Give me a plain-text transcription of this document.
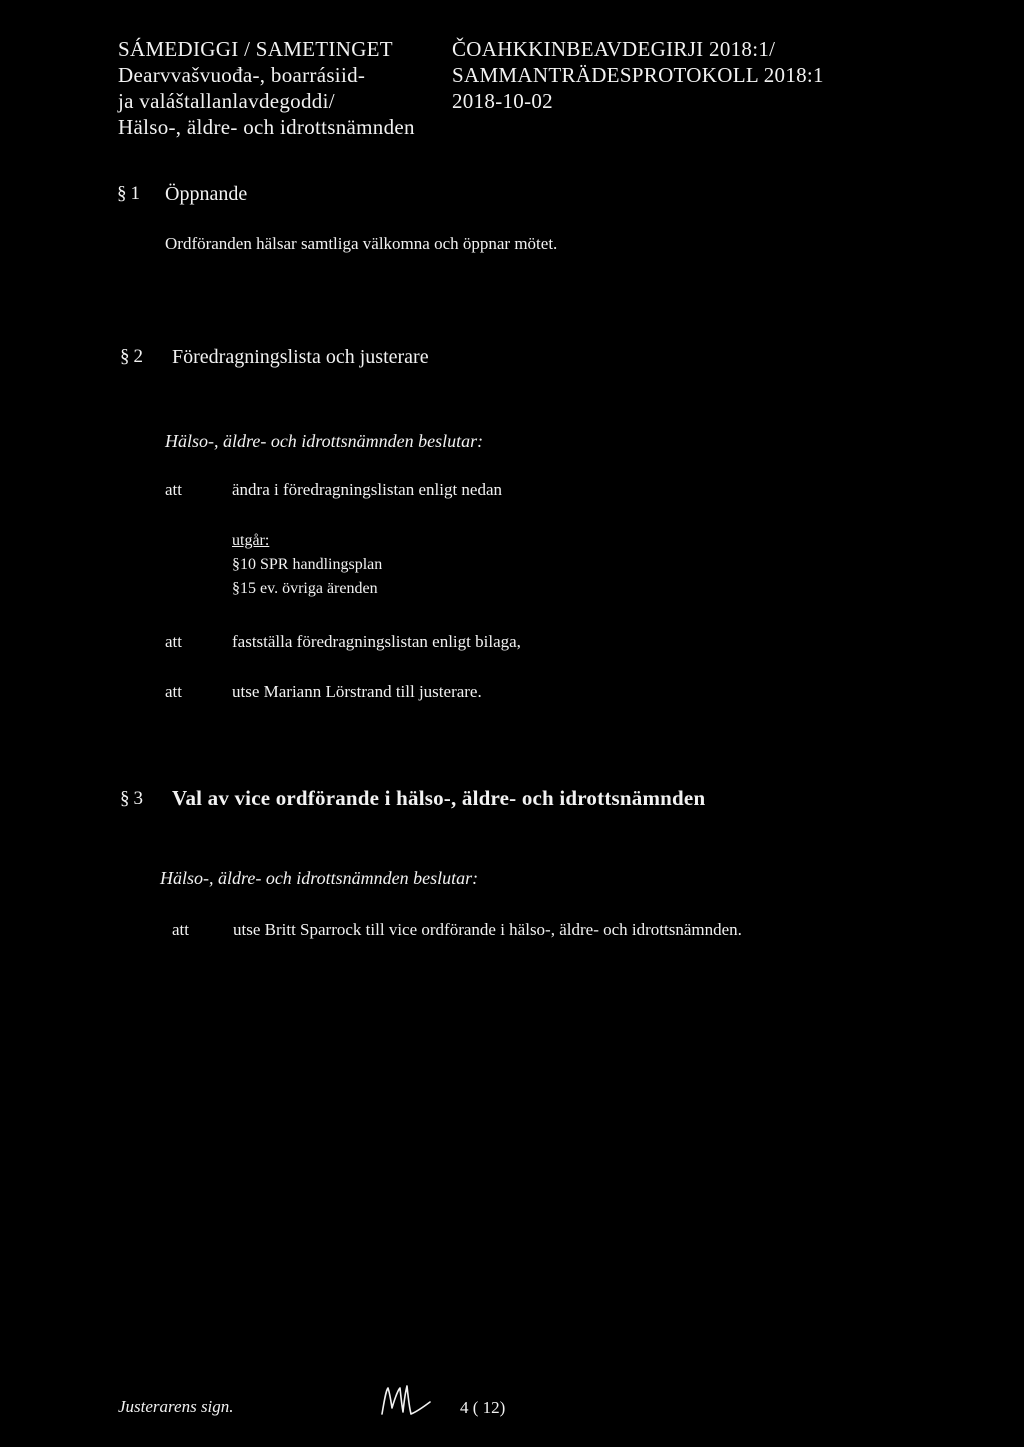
SÁMEDIGGI / SAMETINGET
Dearvvašvuođa-, boarrásiid-
ja valáštallanlavdegoddi/
Hälso-, äldre- och idrottsnämnden
ČOAHKKINBEAVDEGIRJI 2018:1/
SAMMANTRÄDESPROTOKOLL 2018:1
2018-10-02
§ 1 Öppnande
Ordföranden hälsar samtliga välkomna och öppnar mötet.
§ 2 Föredragningslista och justerare
Hälso-, äldre- och idrottsnämnden beslutar:
att	ändra i föredragningslistan enligt nedan
utgår:
§10 SPR handlingsplan
§15 ev. övriga ärenden
att	fastställa föredragningslistan enligt bilaga,
att	utse Mariann Lörstrand till justerare.
§ 3 Val av vice ordförande i hälso-, äldre- och idrottsnämnden
Hälso-, äldre- och idrottsnämnden beslutar:
att	utse Britt Sparrock till vice ordförande i hälso-, äldre- och idrottsnämnden.
Justerarens sign.	4 ( 12)
